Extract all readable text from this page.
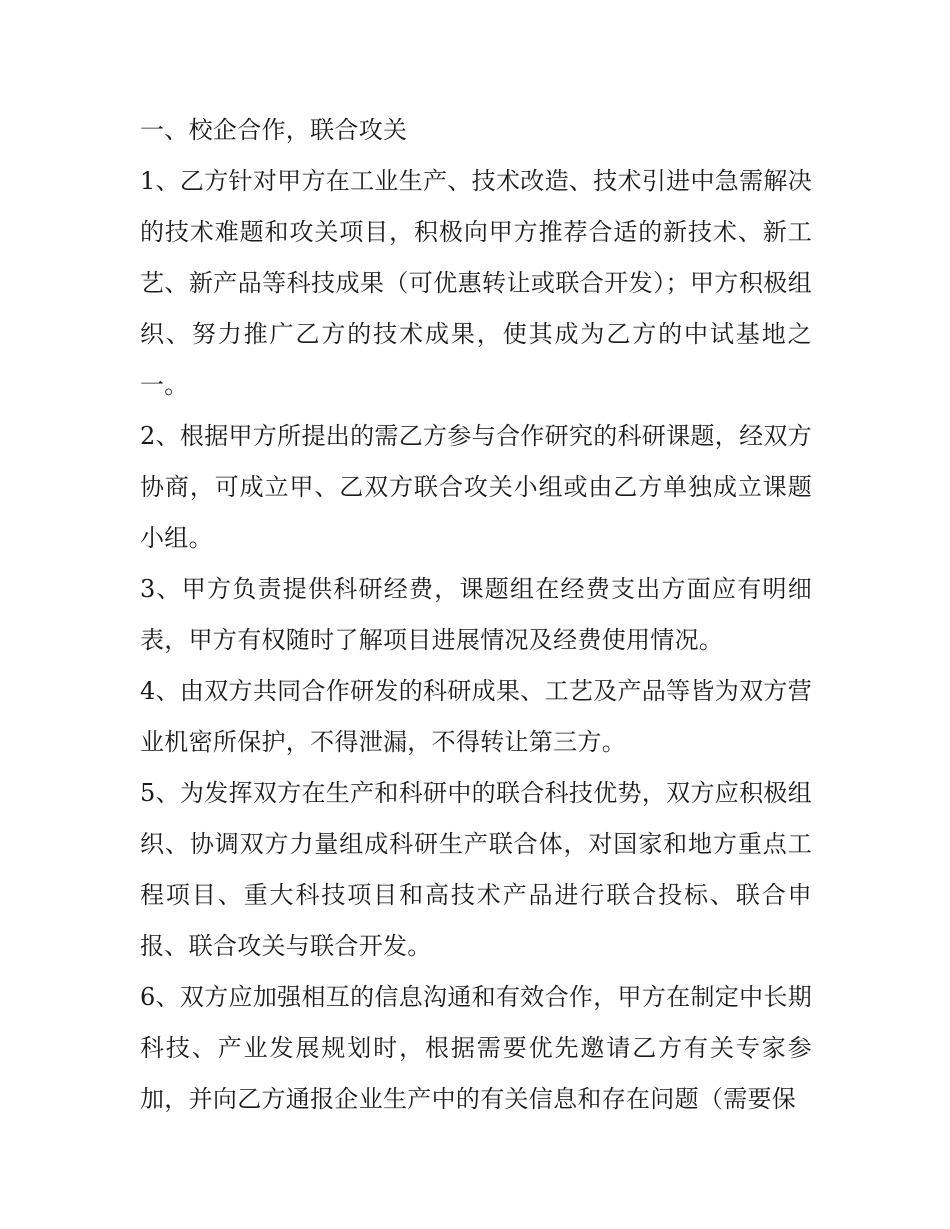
一、校企合作，联合攻关

1、乙方针对甲方在工业生产、技术改造、技术引进中急需解决的技术难题和攻关项目，积极向甲方推荐合适的新技术、新工艺、新产品等科技成果（可优惠转让或联合开发）；甲方积极组织、努力推广乙方的技术成果，使其成为乙方的中试基地之一。

2、根据甲方所提出的需乙方参与合作研究的科研课题，经双方协商，可成立甲、乙双方联合攻关小组或由乙方单独成立课题小组。

3、甲方负责提供科研经费，课题组在经费支出方面应有明细表，甲方有权随时了解项目进展情况及经费使用情况。

4、由双方共同合作研发的科研成果、工艺及产品等皆为双方营业机密所保护，不得泄漏，不得转让第三方。

5、为发挥双方在生产和科研中的联合科技优势，双方应积极组织、协调双方力量组成科研生产联合体，对国家和地方重点工程项目、重大科技项目和高技术产品进行联合投标、联合申报、联合攻关与联合开发。

6、双方应加强相互的信息沟通和有效合作，甲方在制定中长期科技、产业发展规划时，根据需要优先邀请乙方有关专家参加，并向乙方通报企业生产中的有关信息和存在问题（需要保
